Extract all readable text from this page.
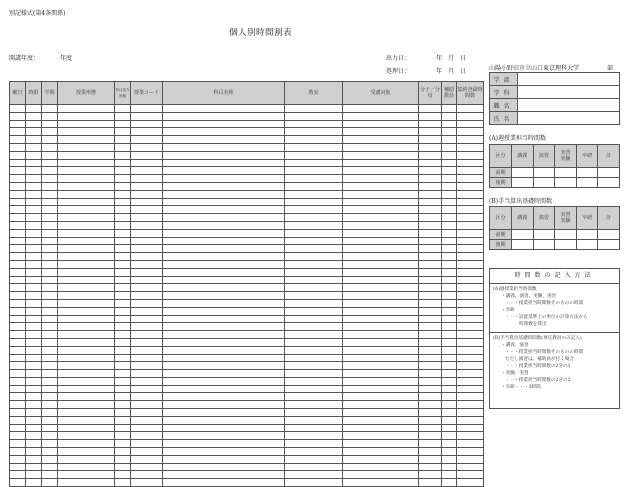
別記様式(第4条関係)
個人別時間割表
開講年度：	年度	出力日：	年　月　日
処理日：	年　月　日	山陽小野田市立山口東京理科大学	部
曜日	時限	学期	授業形態	科目担当形態	授業コード	科目名称	教室	受講対象	分子／分母	補助教員	集約登録時間数

学部	
学科	
職名	
氏名	
(A)週授業担当時間数
区分	講義	演習	実習実験	卒研	計
前期					
後期					
(B)手当算出基礎時間数
区分	講義	演習	実習実験	卒研	計
前期					
後期					
時間数の記入方法
(A)週授業担当時間数
・講義、演習、実験、実習
・・・授業担当時間数そのものの時間
・卒研
・・・設置基準上の単位の計算方法から
時間数を算出
(B)手当算出基礎時間数(専任教員のみ記入)
・講義、演習
・・・授業担当時間数そのものの時間
ただし演習は、補助員が付く場合
・・・授業担当時間数の2分の1
・実験、実習
・・・授業担当時間数の2分の2
・卒研・・・3時間
